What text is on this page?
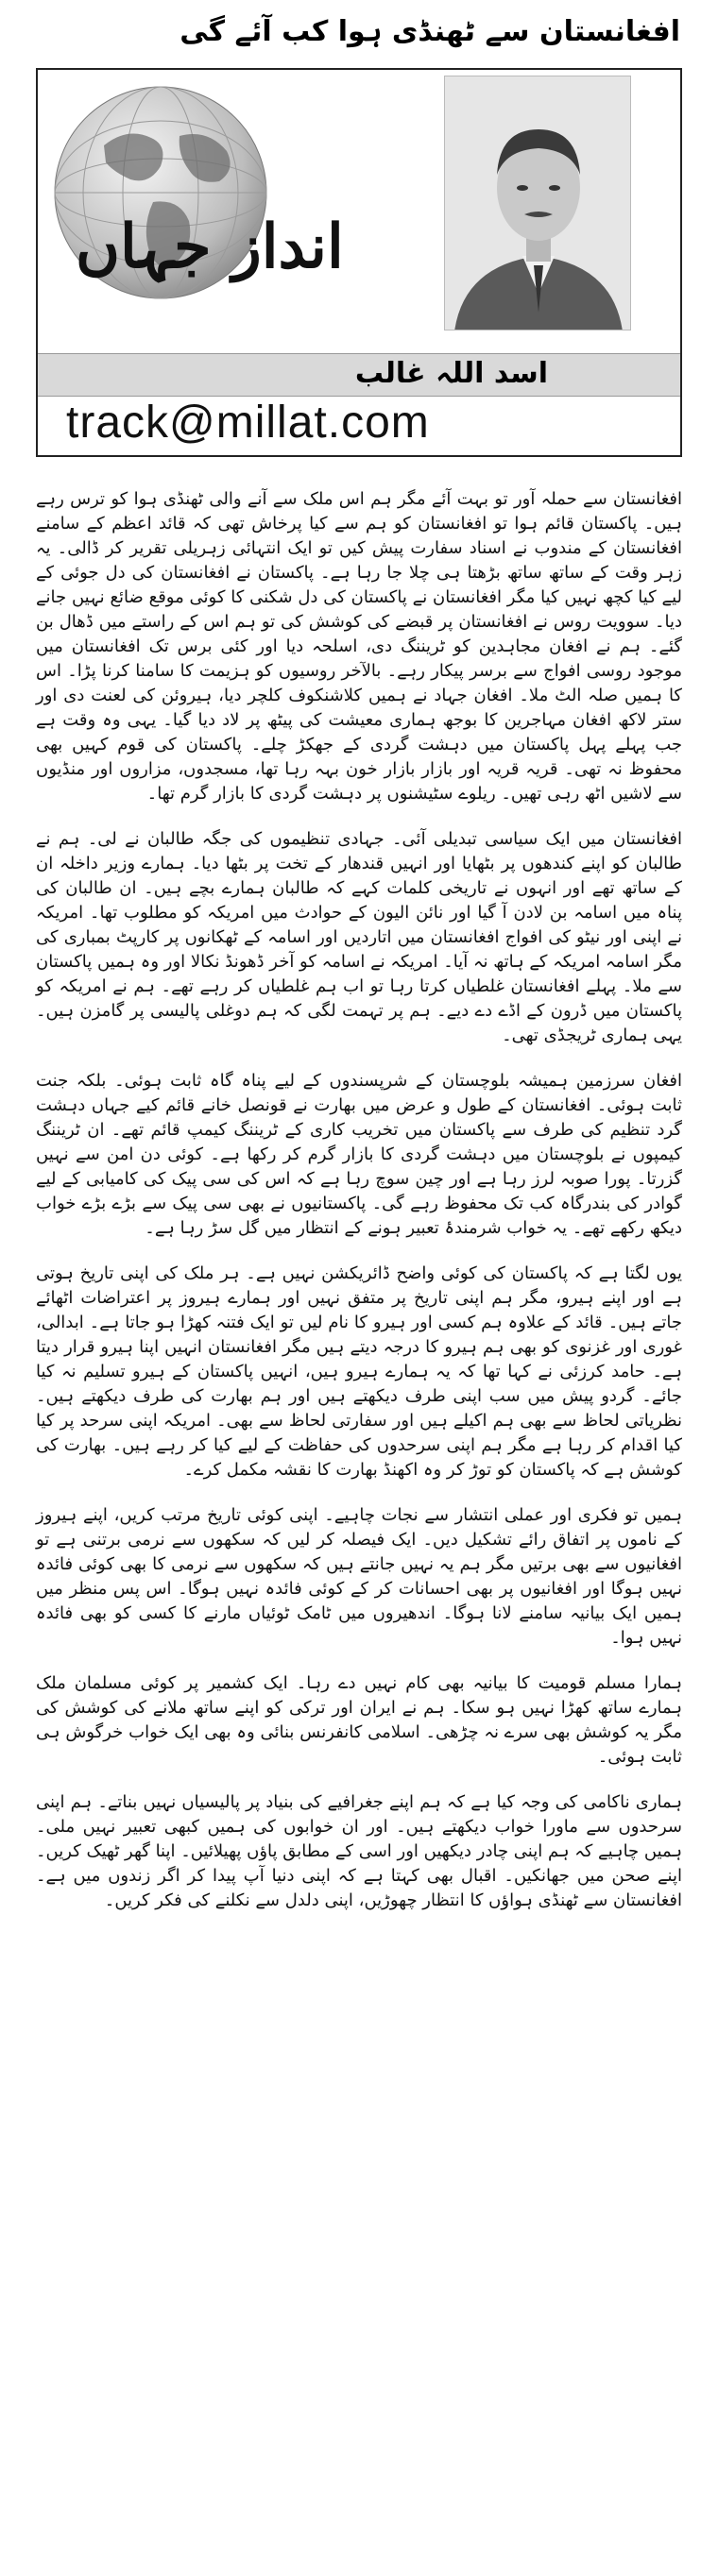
افغانستان سے ٹھنڈی ہوا کب آئے گی
انداز جہاں
اسد اللہ غالب
track@millat.com

افغانستان سے حملہ آور تو بہت آئے مگر ہم اس ملک سے آنے والی ٹھنڈی ہوا کو ترس رہے ہیں۔ پاکستان قائم ہوا تو افغانستان کو ہم سے کیا پرخاش تھی کہ قائد اعظم کے سامنے افغانستان کے مندوب نے اسناد سفارت پیش کیں تو ایک انتہائی زہریلی تقریر کر ڈالی۔ یہ زہر وقت کے ساتھ ساتھ بڑھتا ہی چلا جا رہا ہے۔ پاکستان نے افغانستان کی دل جوئی کے لیے کیا کچھ نہیں کیا مگر افغانستان نے پاکستان کی دل شکنی کا کوئی موقع ضائع نہیں جانے دیا۔ سوویت روس نے افغانستان پر قبضے کی کوشش کی تو ہم اس کے راستے میں ڈھال بن گئے۔ ہم نے افغان مجاہدین کو ٹریننگ دی، اسلحہ دیا اور کئی برس تک افغانستان میں موجود روسی افواج سے برسر پیکار رہے۔ بالآخر روسیوں کو ہزیمت کا سامنا کرنا پڑا۔ اس کا ہمیں صلہ الٹ ملا۔ افغان جہاد نے ہمیں کلاشنکوف کلچر دیا، ہیروئن کی لعنت دی اور ستر لاکھ افغان مہاجرین کا بوجھ ہماری معیشت کی پیٹھ پر لاد دیا گیا۔ یہی وہ وقت ہے جب پہلے پہل پاکستان میں دہشت گردی کے جھکڑ چلے۔ پاکستان کی قوم کہیں بھی محفوظ نہ تھی۔ قریہ قریہ اور بازار بازار خون بہہ رہا تھا، مسجدوں، مزاروں اور منڈیوں سے لاشیں اٹھ رہی تھیں۔ ریلوے سٹیشنوں پر دہشت گردی کا بازار گرم تھا۔

افغانستان میں ایک سیاسی تبدیلی آئی۔ جہادی تنظیموں کی جگہ طالبان نے لی۔ ہم نے طالبان کو اپنے کندھوں پر بٹھایا اور انہیں قندھار کے تخت پر بٹھا دیا۔ ہمارے وزیر داخلہ ان کے ساتھ تھے اور انہوں نے تاریخی کلمات کہے کہ طالبان ہمارے بچے ہیں۔ ان طالبان کی پناہ میں اسامہ بن لادن آ گیا اور نائن الیون کے حوادث میں امریکہ کو مطلوب تھا۔ امریکہ نے اپنی اور نیٹو کی افواج افغانستان میں اتاردیں اور اسامہ کے ٹھکانوں پر کارپٹ بمباری کی مگر اسامہ امریکہ کے ہاتھ نہ آیا۔ امریکہ نے اسامہ کو آخر ڈھونڈ نکالا اور وہ ہمیں پاکستان سے ملا۔ پہلے افغانستان غلطیاں کرتا رہا تو اب ہم غلطیاں کر رہے تھے۔ ہم نے امریکہ کو پاکستان میں ڈرون کے اڈے دے دیے۔ ہم پر تہمت لگی کہ ہم دوغلی پالیسی پر گامزن ہیں۔ یہی ہماری ٹریجڈی تھی۔

افغان سرزمین ہمیشہ بلوچستان کے شرپسندوں کے لیے پناہ گاہ ثابت ہوئی۔ بلکہ جنت ثابت ہوئی۔ افغانستان کے طول و عرض میں بھارت نے قونصل خانے قائم کیے جہاں دہشت گرد تنظیم کی طرف سے پاکستان میں تخریب کاری کے ٹریننگ کیمپ قائم تھے۔ ان ٹریننگ کیمپوں نے بلوچستان میں دہشت گردی کا بازار گرم کر رکھا ہے۔ کوئی دن امن سے نہیں گزرتا۔ پورا صوبہ لرز رہا ہے اور چین سوچ رہا ہے کہ اس کی سی پیک کی کامیابی کے لیے گوادر کی بندرگاہ کب تک محفوظ رہے گی۔ پاکستانیوں نے بھی سی پیک سے بڑے بڑے خواب دیکھ رکھے تھے۔ یہ خواب شرمندۂ تعبیر ہونے کے انتظار میں گل سڑ رہا ہے۔

یوں لگتا ہے کہ پاکستان کی کوئی واضح ڈائریکشن نہیں ہے۔ ہر ملک کی اپنی تاریخ ہوتی ہے اور اپنے ہیرو، مگر ہم اپنی تاریخ پر متفق نہیں اور ہمارے ہیروز پر اعتراضات اٹھائے جاتے ہیں۔ قائد کے علاوہ ہم کسی اور ہیرو کا نام لیں تو ایک فتنہ کھڑا ہو جاتا ہے۔ ابدالی، غوری اور غزنوی کو بھی ہم ہیرو کا درجہ دیتے ہیں مگر افغانستان انہیں اپنا ہیرو قرار دیتا ہے۔ حامد کرزئی نے کہا تھا کہ یہ ہمارے ہیرو ہیں، انہیں پاکستان کے ہیرو تسلیم نہ کیا جائے۔ گردو پیش میں سب اپنی طرف دیکھتے ہیں اور ہم بھارت کی طرف دیکھتے ہیں۔ نظریاتی لحاظ سے بھی ہم اکیلے ہیں اور سفارتی لحاظ سے بھی۔ امریکہ اپنی سرحد پر کیا کیا اقدام کر رہا ہے مگر ہم اپنی سرحدوں کی حفاظت کے لیے کیا کر رہے ہیں۔ بھارت کی کوشش ہے کہ پاکستان کو توڑ کر وہ اکھنڈ بھارت کا نقشہ مکمل کرے۔

ہمیں تو فکری اور عملی انتشار سے نجات چاہیے۔ اپنی کوئی تاریخ مرتب کریں، اپنے ہیروز کے ناموں پر اتفاق رائے تشکیل دیں۔ ایک فیصلہ کر لیں کہ سکھوں سے نرمی برتنی ہے تو افغانیوں سے بھی برتیں مگر ہم یہ نہیں جانتے ہیں کہ سکھوں سے نرمی کا بھی کوئی فائدہ نہیں ہوگا اور افغانیوں پر بھی احسانات کر کے کوئی فائدہ نہیں ہوگا۔ اس پس منظر میں ہمیں ایک بیانیہ سامنے لانا ہوگا۔ اندھیروں میں ٹامک ٹوئیاں مارنے کا کسی کو بھی فائدہ نہیں ہوا۔

ہمارا مسلم قومیت کا بیانیہ بھی کام نہیں دے رہا۔ ایک کشمیر پر کوئی مسلمان ملک ہمارے ساتھ کھڑا نہیں ہو سکا۔ ہم نے ایران اور ترکی کو اپنے ساتھ ملانے کی کوشش کی مگر یہ کوشش بھی سرے نہ چڑھی۔ اسلامی کانفرنس بنائی وہ بھی ایک خواب خرگوش ہی ثابت ہوئی۔

ہماری ناکامی کی وجہ کیا ہے کہ ہم اپنے جغرافیے کی بنیاد پر پالیسیاں نہیں بناتے۔ ہم اپنی سرحدوں سے ماورا خواب دیکھتے ہیں۔ اور ان خوابوں کی ہمیں کبھی تعبیر نہیں ملی۔ ہمیں چاہیے کہ ہم اپنی چادر دیکھیں اور اسی کے مطابق پاؤں پھیلائیں۔ اپنا گھر ٹھیک کریں۔ اپنے صحن میں جھانکیں۔ اقبال بھی کہتا ہے کہ اپنی دنیا آپ پیدا کر اگر زندوں میں ہے۔ افغانستان سے ٹھنڈی ہواؤں کا انتظار چھوڑیں، اپنی دلدل سے نکلنے کی فکر کریں۔
